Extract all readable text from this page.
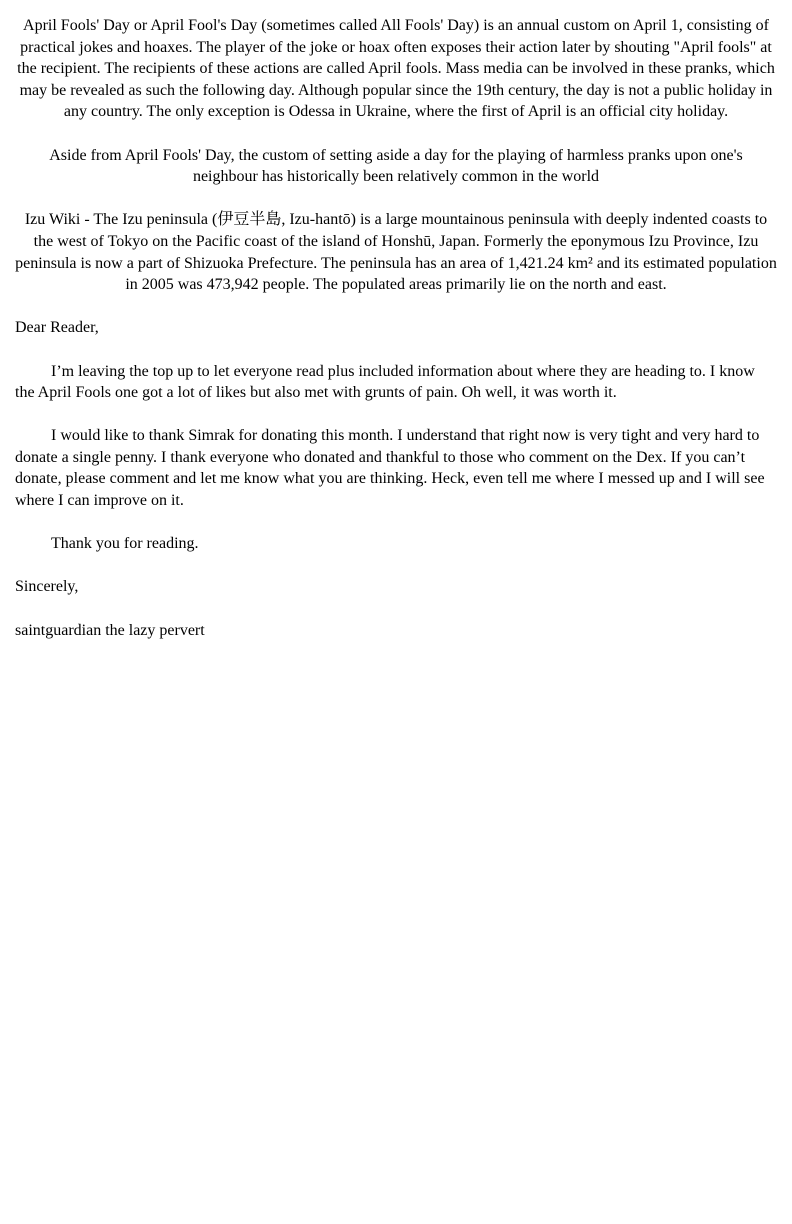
April Fools' Day or April Fool's Day (sometimes called All Fools' Day) is an annual custom on April 1, consisting of practical jokes and hoaxes. The player of the joke or hoax often exposes their action later by shouting "April fools" at the recipient. The recipients of these actions are called April fools. Mass media can be involved in these pranks, which may be revealed as such the following day. Although popular since the 19th century, the day is not a public holiday in any country. The only exception is Odessa in Ukraine, where the first of April is an official city holiday.

Aside from April Fools' Day, the custom of setting aside a day for the playing of harmless pranks upon one's neighbour has historically been relatively common in the world

Izu Wiki - The Izu peninsula (伊豆半島, Izu-hantō) is a large mountainous peninsula with deeply indented coasts to the west of Tokyo on the Pacific coast of the island of Honshū, Japan. Formerly the eponymous Izu Province, Izu peninsula is now a part of Shizuoka Prefecture. The peninsula has an area of 1,421.24 km² and its estimated population in 2005 was 473,942 people. The populated areas primarily lie on the north and east.

Dear Reader,

I’m leaving the top up to let everyone read plus included information about where they are heading to. I know the April Fools one got a lot of likes but also met with grunts of pain. Oh well, it was worth it.

I would like to thank Simrak for donating this month. I understand that right now is very tight and very hard to donate a single penny. I thank everyone who donated and thankful to those who comment on the Dex. If you can’t donate, please comment and let me know what you are thinking. Heck, even tell me where I messed up and I will see where I can improve on it.

Thank you for reading.

Sincerely,

saintguardian the lazy pervert
